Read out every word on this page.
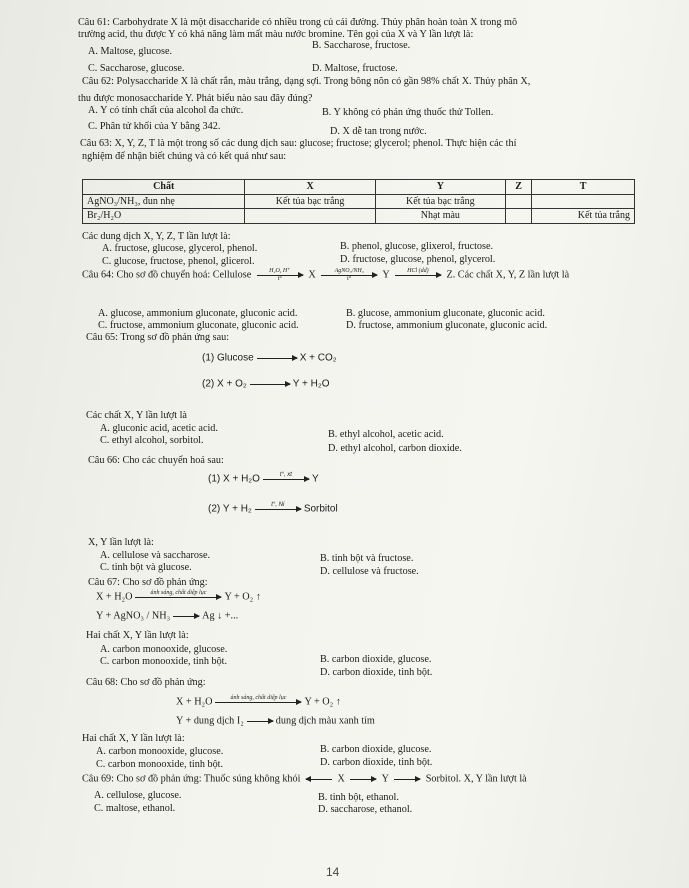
Câu 61: Carbohydrate X là một disaccharide có nhiều trong củ cải đường. Thủy phân hoàn toàn X trong mô
trường acid, thu được Y có khả năng làm mất màu nước bromine. Tên gọi của X và Y lần lượt là:
A. Maltose, glucose.
B. Saccharose, fructose.
C. Saccharose, glucose.	D. Maltose, fructose.
Câu 62: Polysaccharide X là chất rắn, màu trắng, dạng sợi. Trong bông nõn có gần 98% chất X. Thủy phân X,
thu được monosaccharide Y. Phát biểu nào sau đây đúng?
A. Y có tính chất của alcohol đa chức.	B. Y không có phản ứng thuốc thử Tollen.
C. Phân tử khối của Y bằng 342.	D. X dễ tan trong nước.
Câu 63: X, Y, Z, T là một trong số các dung dịch sau: glucose; fructose; glycerol; phenol. Thực hiện các thí
nghiệm để nhận biết chúng và có kết quả như sau:
Chất	X	Y	Z	T
AgNO₃/NH₃, đun nhẹ	Kết tủa bạc trắng	Kết tủa bạc trắng		
Br₂/H₂O		Nhạt màu		Kết tủa trắng
Các dung dịch X, Y, Z, T lần lượt là:
A. fructose, glucose, glycerol, phenol.	B. phenol, glucose, glixerol, fructose.
C. glucose, fructose, phenol, glicerol.	D. fructose, glucose, phenol, glycerol.
Câu 64: Cho sơ đồ chuyển hoá: Cellulose $\frac{\text{H₂O, H⁺}}{t^\circ}$ X	AgNO₃/NH₃
t°	Y	HCl (dd)
	Z. Các chất X, Y, Z lần lượt là
A. glucose, ammonium gluconate, gluconic acid.	B. glucose, ammonium gluconate, gluconic acid.
C. fructose, ammonium gluconate, gluconic acid.	D. fructose, ammonium gluconate, gluconic acid.
Câu 65: Trong sơ đồ phản ứng sau:
(1) Glucose

→ X + CO₂
(2) X + O₂

→ Y + H₂O
Các chất X, Y lần lượt là
A. gluconic acid, acetic acid.
B. ethyl alcohol, acetic acid.
C. ethyl alcohol, sorbitol.
D. ethyl alcohol, carbon dioxide.
Câu 66: Cho các chuyển hoá sau:
(1) X + H₂O	t°, xt
	Y
(2) Y + H₂	t°, Ni
	Sorbitol
X, Y lần lượt là:
A. cellulose và saccharose.	B. tinh bột và fructose.
C. tinh bột và glucose.	D. cellulose và fructose.
Câu 67: Cho sơ đồ phản ứng:
X + H₂O	ánh sáng, chất diệp lục
	Y + O₂ ↑
Y + AgNO₃ / NH₃

→ Ag ↓ +...
Hai chất X, Y lần lượt là:
A. carbon monooxide, glucose.
B. carbon dioxide, glucose.
C. carbon monooxide, tinh bột.
D. carbon dioxide, tinh bột.
Câu 68: Cho sơ đồ phản ứng:
X + H₂O	ánh sáng, chất diệp lục
	Y + O₂ ↑
Y + dung dịch I₂

→ dung dịch màu xanh tím
Hai chất X, Y lần lượt là:
A. carbon monooxide, glucose.	B. carbon dioxide, glucose.
C. carbon monooxide, tinh bột.	D. carbon dioxide, tinh bột.
Câu 69: Cho sơ đồ phản ứng: Thuốc súng không khói

	X

→ Y

→ Sorbitol. X, Y lần lượt là
A. cellulose, glucose.	B. tinh bột, ethanol.
C. maltose, ethanol.	D. saccharose, ethanol.
14
